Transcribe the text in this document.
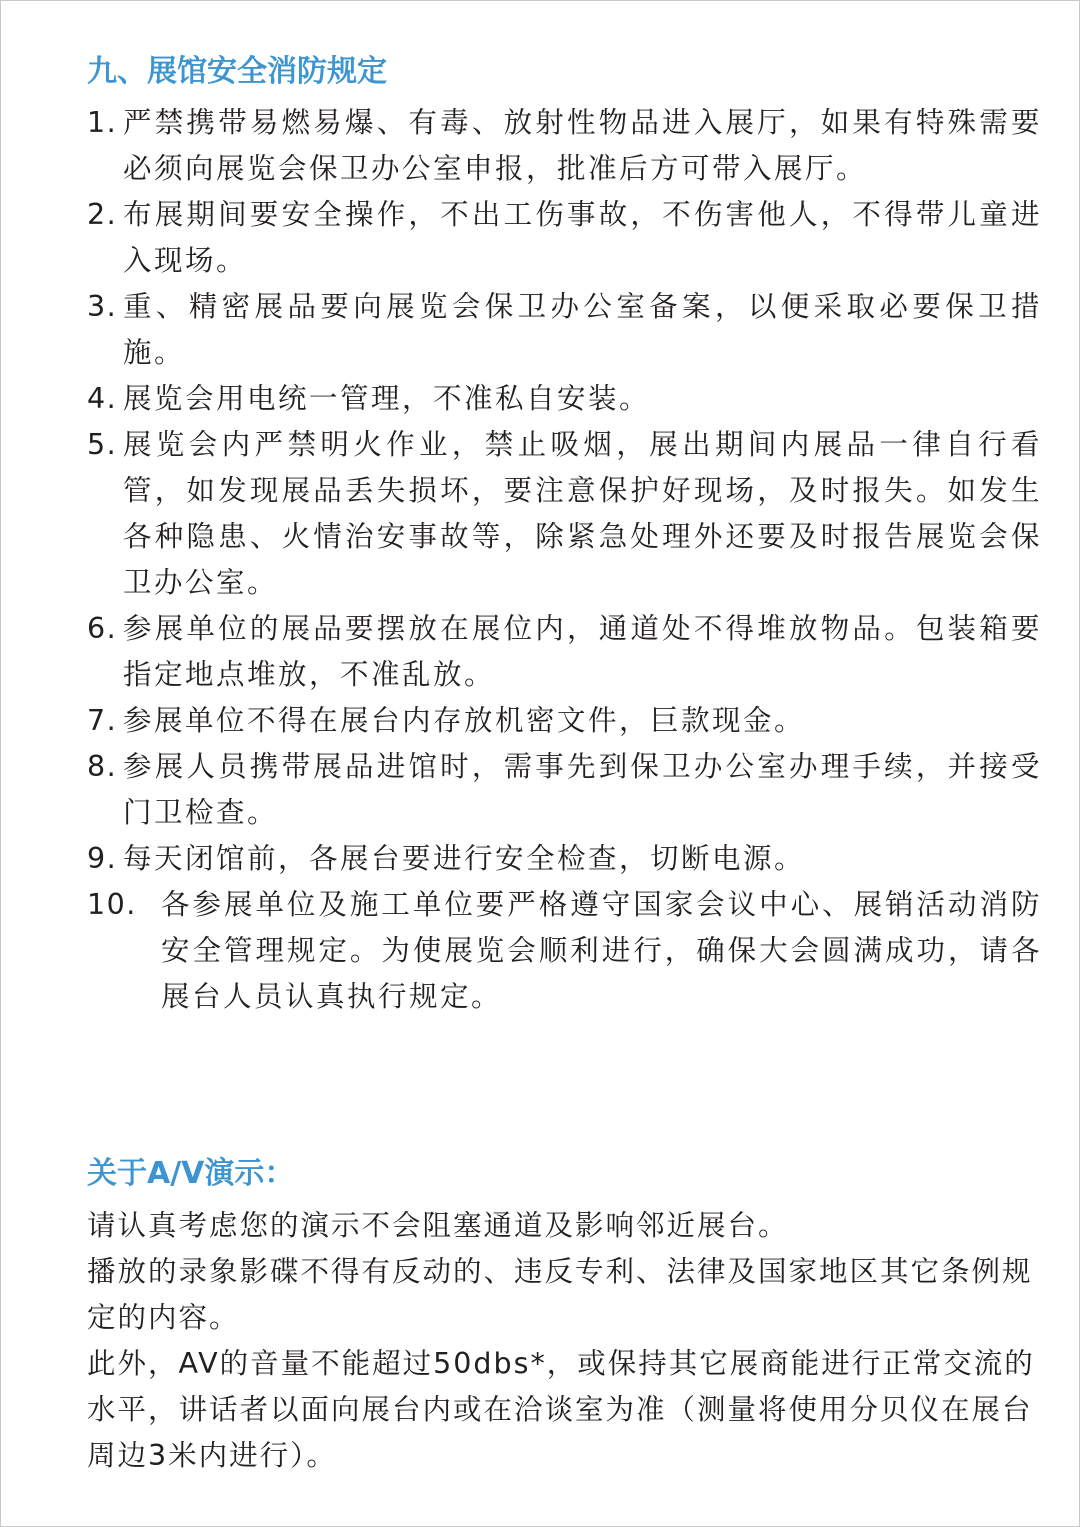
九、展馆安全消防规定
1. 严禁携带易燃易爆、有毒、放射性物品进入展厅，如果有特殊需要必须向展览会保卫办公室申报，批准后方可带入展厅。
2. 布展期间要安全操作，不出工伤事故，不伤害他人，不得带儿童进入现场。
3. 重、精密展品要向展览会保卫办公室备案，以便采取必要保卫措施。
4. 展览会用电统一管理，不准私自安装。
5. 展览会内严禁明火作业，禁止吸烟，展出期间内展品一律自行看管，如发现展品丢失损坏，要注意保护好现场，及时报失。如发生各种隐患、火情治安事故等，除紧急处理外还要及时报告展览会保卫办公室。
6. 参展单位的展品要摆放在展位内，通道处不得堆放物品。包装箱要指定地点堆放，不准乱放。
7. 参展单位不得在展台内存放机密文件，巨款现金。
8. 参展人员携带展品进馆时，需事先到保卫办公室办理手续，并接受门卫检查。
9. 每天闭馆前，各展台要进行安全检查，切断电源。
10. 各参展单位及施工单位要严格遵守国家会议中心、展销活动消防安全管理规定。为使展览会顺利进行，确保大会圆满成功，请各展台人员认真执行规定。
关于A/V演示：

请认真考虑您的演示不会阻塞通道及影响邻近展台。

播放的录象影碟不得有反动的、违反专利、法律及国家地区其它条例规定的内容。

此外，AV的音量不能超过50dbs*，或保持其它展商能进行正常交流的水平，讲话者以面向展台内或在洽谈室为准（测量将使用分贝仪在展台周边3米内进行）。
